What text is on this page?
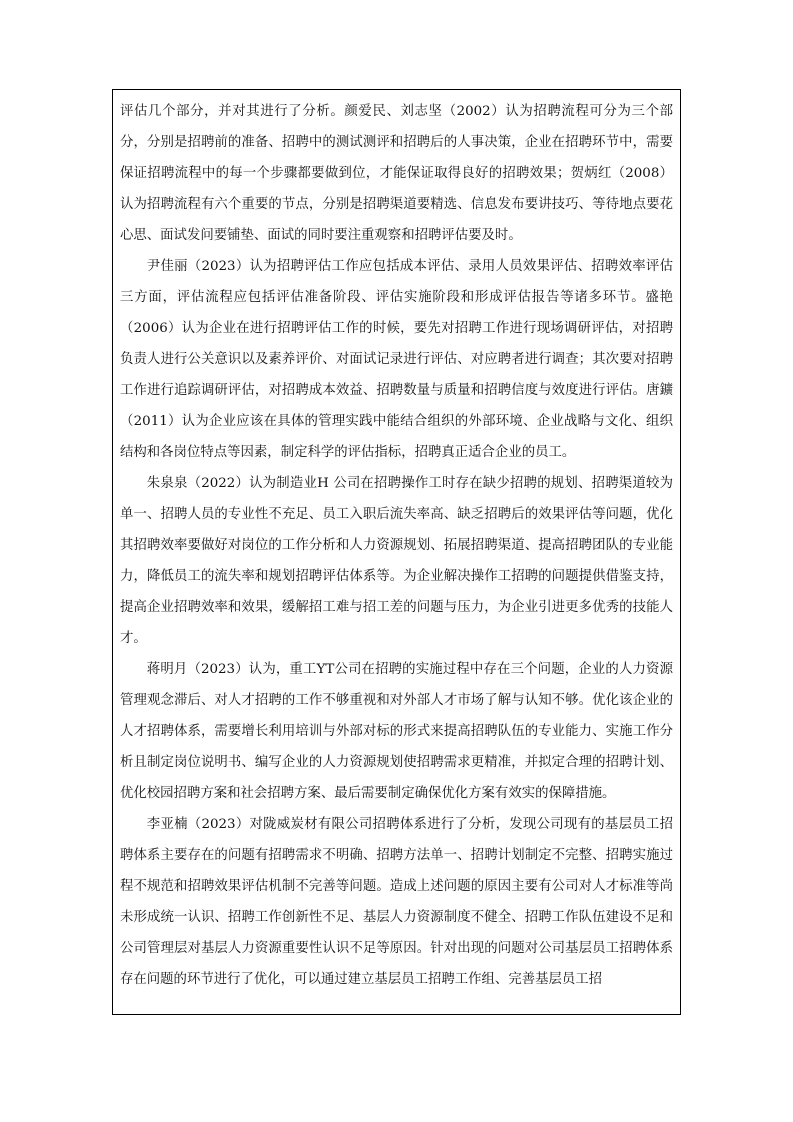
评估几个部分，并对其进行了分析。颜爱民、刘志坚（2002）认为招聘流程可分为三个部分，分别是招聘前的准备、招聘中的测试测评和招聘后的人事决策，企业在招聘环节中，需要保证招聘流程中的每一个步骤都要做到位，才能保证取得良好的招聘效果；贺炳红（2008）认为招聘流程有六个重要的节点，分别是招聘渠道要精选、信息发布要讲技巧、等待地点要花心思、面试发问要铺垫、面试的同时要注重观察和招聘评估要及时。

尹佳丽（2023）认为招聘评估工作应包括成本评估、录用人员效果评估、招聘效率评估三方面，评估流程应包括评估准备阶段、评估实施阶段和形成评估报告等诸多环节。盛艳（2006）认为企业在进行招聘评估工作的时候，要先对招聘工作进行现场调研评估，对招聘负责人进行公关意识以及素养评价、对面试记录进行评估、对应聘者进行调查；其次要对招聘工作进行追踪调研评估，对招聘成本效益、招聘数量与质量和招聘信度与效度进行评估。唐鑛（2011）认为企业应该在具体的管理实践中能结合组织的外部环境、企业战略与文化、组织结构和各岗位特点等因素，制定科学的评估指标，招聘真正适合企业的员工。

朱泉泉（2022）认为制造业H 公司在招聘操作工时存在缺少招聘的规划、招聘渠道较为单一、招聘人员的专业性不充足、员工入职后流失率高、缺乏招聘后的效果评估等问题，优化其招聘效率要做好对岗位的工作分析和人力资源规划、拓展招聘渠道、提高招聘团队的专业能力，降低员工的流失率和规划招聘评估体系等。为企业解决操作工招聘的问题提供借鉴支持，提高企业招聘效率和效果，缓解招工难与招工差的问题与压力，为企业引进更多优秀的技能人才。

蒋明月（2023）认为，重工YT公司在招聘的实施过程中存在三个问题，企业的人力资源管理观念滞后、对人才招聘的工作不够重视和对外部人才市场了解与认知不够。优化该企业的人才招聘体系，需要增长利用培训与外部对标的形式来提高招聘队伍的专业能力、实施工作分析且制定岗位说明书、编写企业的人力资源规划使招聘需求更精准，并拟定合理的招聘计划、优化校园招聘方案和社会招聘方案、最后需要制定确保优化方案有效实的保障措施。

李亚楠（2023）对陇威炭材有限公司招聘体系进行了分析，发现公司现有的基层员工招聘体系主要存在的问题有招聘需求不明确、招聘方法单一、招聘计划制定不完整、招聘实施过程不规范和招聘效果评估机制不完善等问题。造成上述问题的原因主要有公司对人才标准等尚未形成统一认识、招聘工作创新性不足、基层人力资源制度不健全、招聘工作队伍建设不足和公司管理层对基层人力资源重要性认识不足等原因。针对出现的问题对公司基层员工招聘体系存在问题的环节进行了优化，可以通过建立基层员工招聘工作组、完善基层员工招
